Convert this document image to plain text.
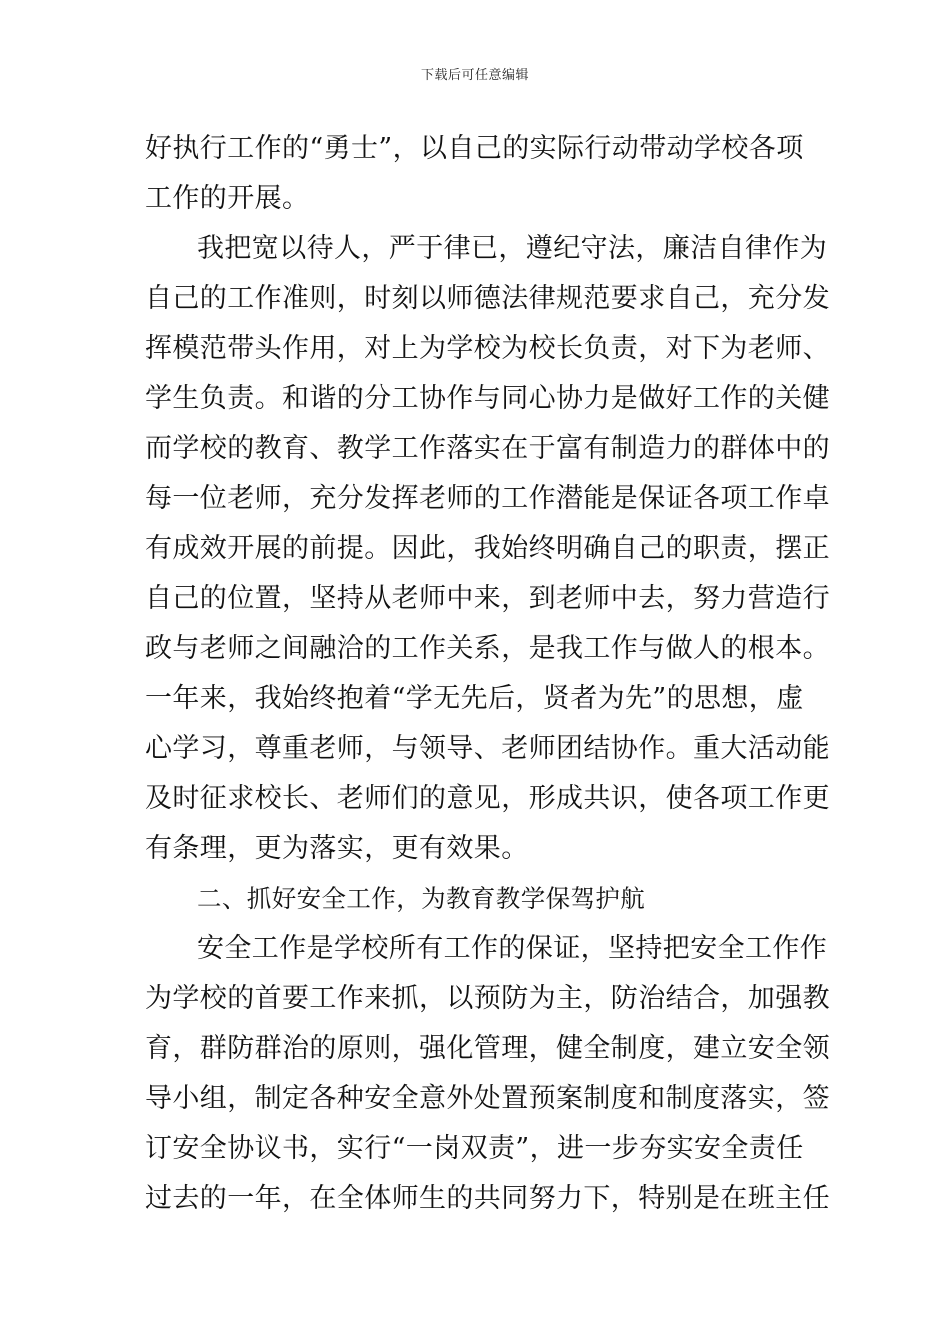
下载后可任意编辑
好执行工作的“勇士”，以自己的实际行动带动学校各项
工作的开展。
我把宽以待人，严于律已，遵纪守法，廉洁自律作为
自己的工作准则，时刻以师德法律规范要求自己，充分发
挥模范带头作用，对上为学校为校长负责，对下为老师、
学生负责。和谐的分工协作与同心协力是做好工作的关健
而学校的教育、教学工作落实在于富有制造力的群体中的
每一位老师，充分发挥老师的工作潜能是保证各项工作卓
有成效开展的前提。因此，我始终明确自己的职责，摆正
自己的位置，坚持从老师中来，到老师中去，努力营造行
政与老师之间融洽的工作关系，是我工作与做人的根本。
一年来，我始终抱着“学无先后，贤者为先”的思想，虚
心学习，尊重老师，与领导、老师团结协作。重大活动能
及时征求校长、老师们的意见，形成共识，使各项工作更
有条理，更为落实，更有效果。
二、抓好安全工作，为教育教学保驾护航
安全工作是学校所有工作的保证，坚持把安全工作作
为学校的首要工作来抓，以预防为主，防治结合，加强教
育，群防群治的原则，强化管理，健全制度，建立安全领
导小组，制定各种安全意外处置预案制度和制度落实，签
订安全协议书，实行“一岗双责”，进一步夯实安全责任
过去的一年，在全体师生的共同努力下，特别是在班主任
